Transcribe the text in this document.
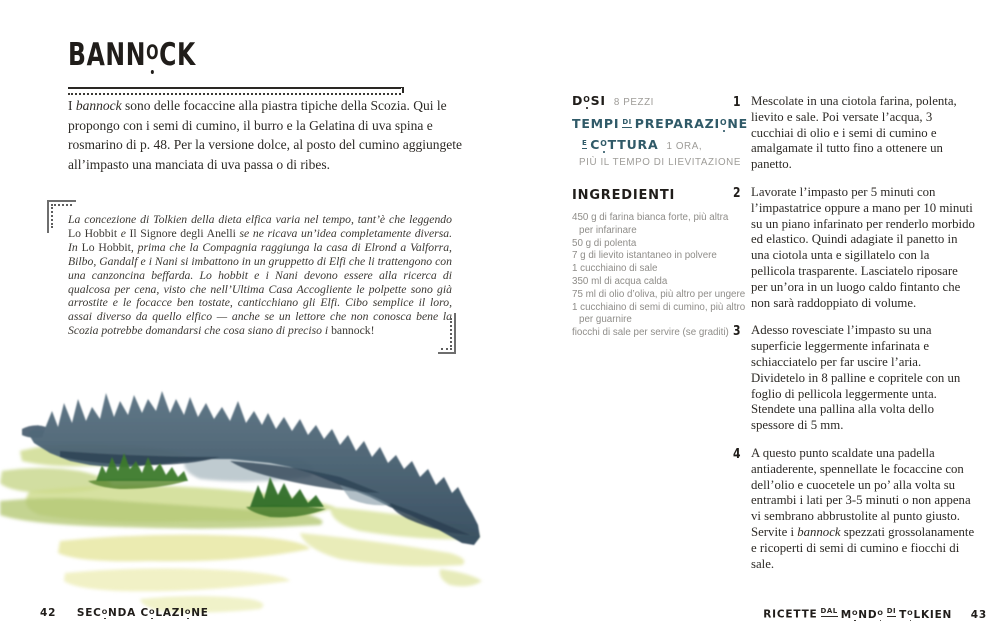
$BANN^OCK$

I bannock sono delle focaccine alla piastra tipiche della Scozia. Qui le propongo con i semi di cumino, il burro e la Gelatina di uva spina e rosmarino di p. 48. Per la versione dolce, al posto del cumino aggiungete all’impasto una manciata di uva passa o di ribes.

La concezione di Tolkien della dieta elfica varia nel tempo, tant’è che leggendo Lo Hobbit e Il Signore degli Anelli se ne ricava un’idea completamente diversa. In Lo Hobbit, prima che la Compagnia raggiunga la casa di Elrond a Valforra, Bilbo, Gandalf e i Nani si imbattono in un gruppetto di Elfi che li trattengono con una canzoncina beffarda. Lo hobbit e i Nani devono essere alla ricerca di qualcosa per cena, visto che nell’Ultima Casa Accogliente le polpette sono già arrostite e le focacce ben tostate, canticchiano gli Elfi. Cibo semplice il loro, assai diverso da quello elfico — anche se un lettore che non conosca bene la Scozia potrebbe domandarsi che cosa siano di preciso i bannock!

$D^OSI$ 8 PEZZI
TEMPI $^{DI}$ $PREPARAZI^ONE$
$^E$ $C^OTTURA$ 1 ORA,
PIÙ IL TEMPO DI LIEVITAZIONE
INGREDIENTI
450 g di farina bianca forte, più altra
per infarinare
50 g di polenta
7 g di lievito istantaneo in polvere
1 cucchiaino di sale
350 ml di acqua calda
75 ml di olio d’oliva, più altro per ungere
1 cucchiaino di semi di cumino, più altro
per guarnire
fiocchi di sale per servire (se graditi)
1 Mescolate in una ciotola farina, polenta, lievito e sale. Poi versate l’acqua, 3 cucchiai di olio e i semi di cumino e amalgamate il tutto fino a ottenere un panetto.

2 Lavorate l’impasto per 5 minuti con l’impastatrice oppure a mano per 10 minuti su un piano infarinato per renderlo morbido ed elastico. Quindi adagiate il panetto in una ciotola unta e sigillatelo con la pellicola trasparente. Lasciatelo riposare per un’ora in un luogo caldo fintanto che non sarà raddoppiato di volume.

3 Adesso rovesciate l’impasto su una superficie leggermente infarinata e schiacciatelo per far uscire l’aria. Dividetelo in 8 palline e copritele con un foglio di pellicola leggermente unta. Stendete una pallina alla volta dello spessore di 5 mm.

4 A questo punto scaldate una padella antiaderente, spennellate le focaccine con dell’olio e cuocetele un po’ alla volta su entrambi i lati per 3-5 minuti o non appena vi sembrano abbrustolite al punto giusto. Servite i bannock spezzati grossolanamente e ricoperti di semi di cumino e fiocchi di sale.

42 $SEC^ONDA$ $C^OLAZI^ONE$	RICETTE $^{DAL}$ $M^OND^O$ $^{DI}$ $T^OLKIEN$ 43
